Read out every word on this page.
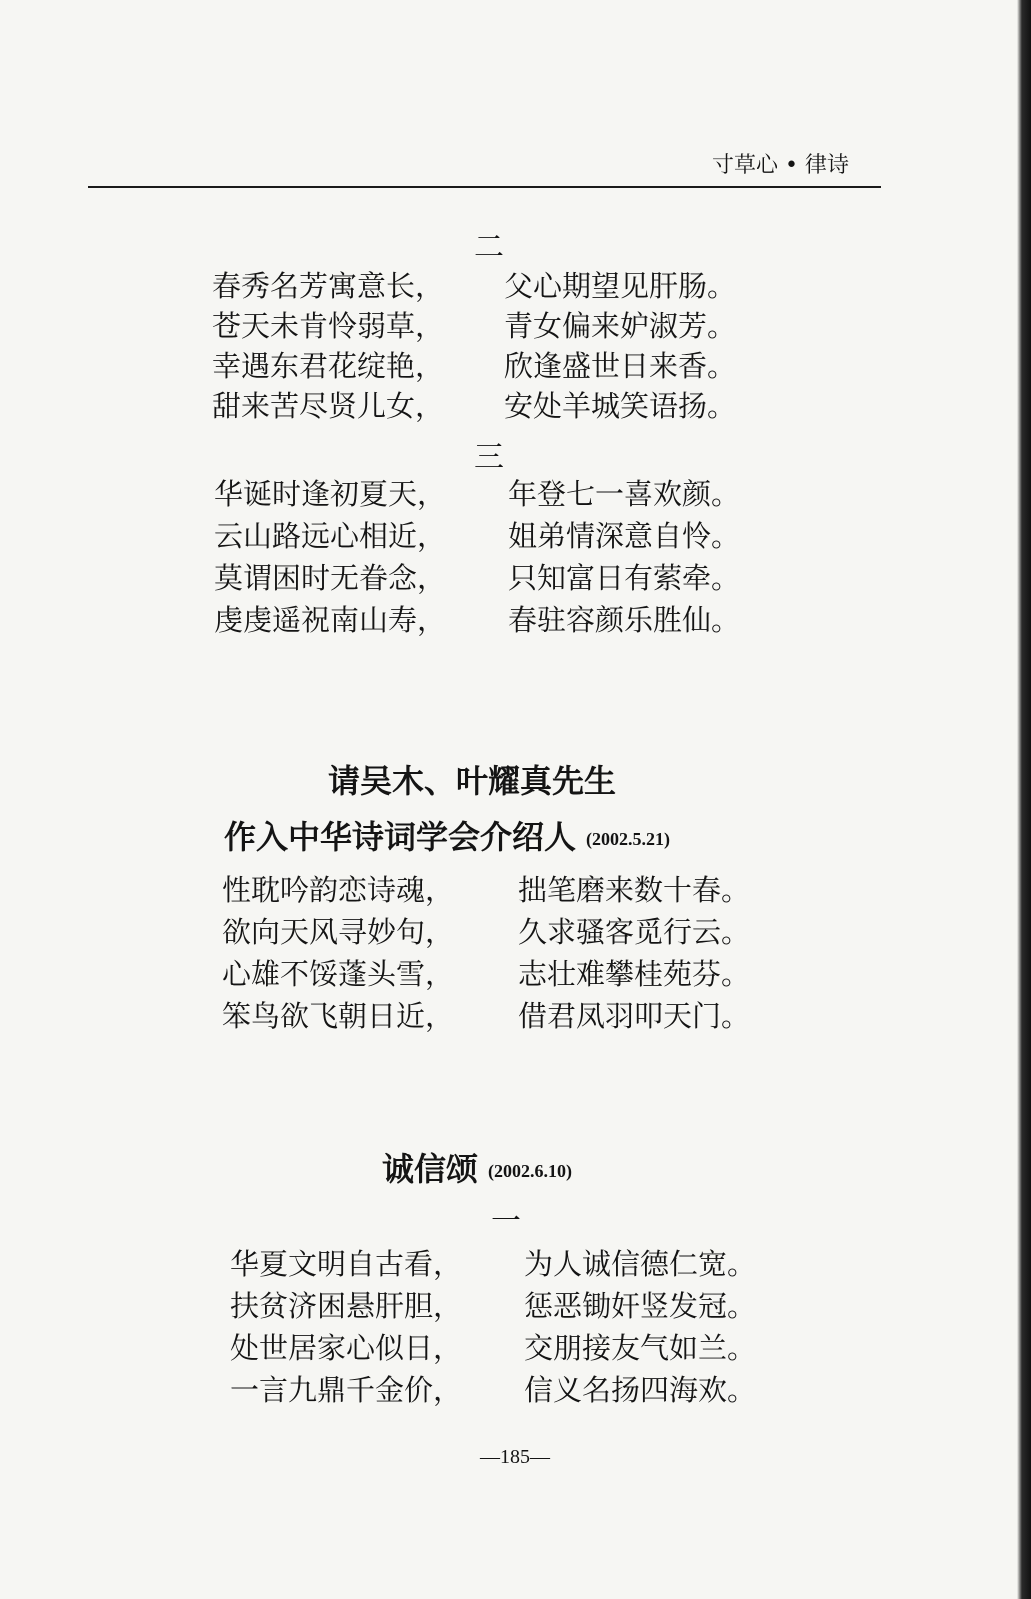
寸草心 • 律诗
二
春秀名芳寓意长， 父心期望见肝肠。
苍天未肯怜弱草， 青女偏来妒淑芳。
幸遇东君花绽艳， 欣逢盛世日来香。
甜来苦尽贤儿女， 安处羊城笑语扬。
三
华诞时逢初夏天， 年登七一喜欢颜。
云山路远心相近， 姐弟情深意自怜。
莫谓困时无眷念， 只知富日有萦牵。
虔虔遥祝南山寿， 春驻容颜乐胜仙。
请吴木、叶耀真先生
作入中华诗词学会介绍人 (2002.5.21)
性耽吟韵恋诗魂， 拙笔磨来数十春。
欲向天风寻妙句， 久求骚客觅行云。
心雄不馁蓬头雪， 志壮难攀桂苑芬。
笨鸟欲飞朝日近， 借君凤羽叩天门。
诚信颂 (2002.6.10)
一
华夏文明自古看， 为人诚信德仁宽。
扶贫济困悬肝胆， 惩恶锄奸竖发冠。
处世居家心似日， 交朋接友气如兰。
一言九鼎千金价， 信义名扬四海欢。
—185—
